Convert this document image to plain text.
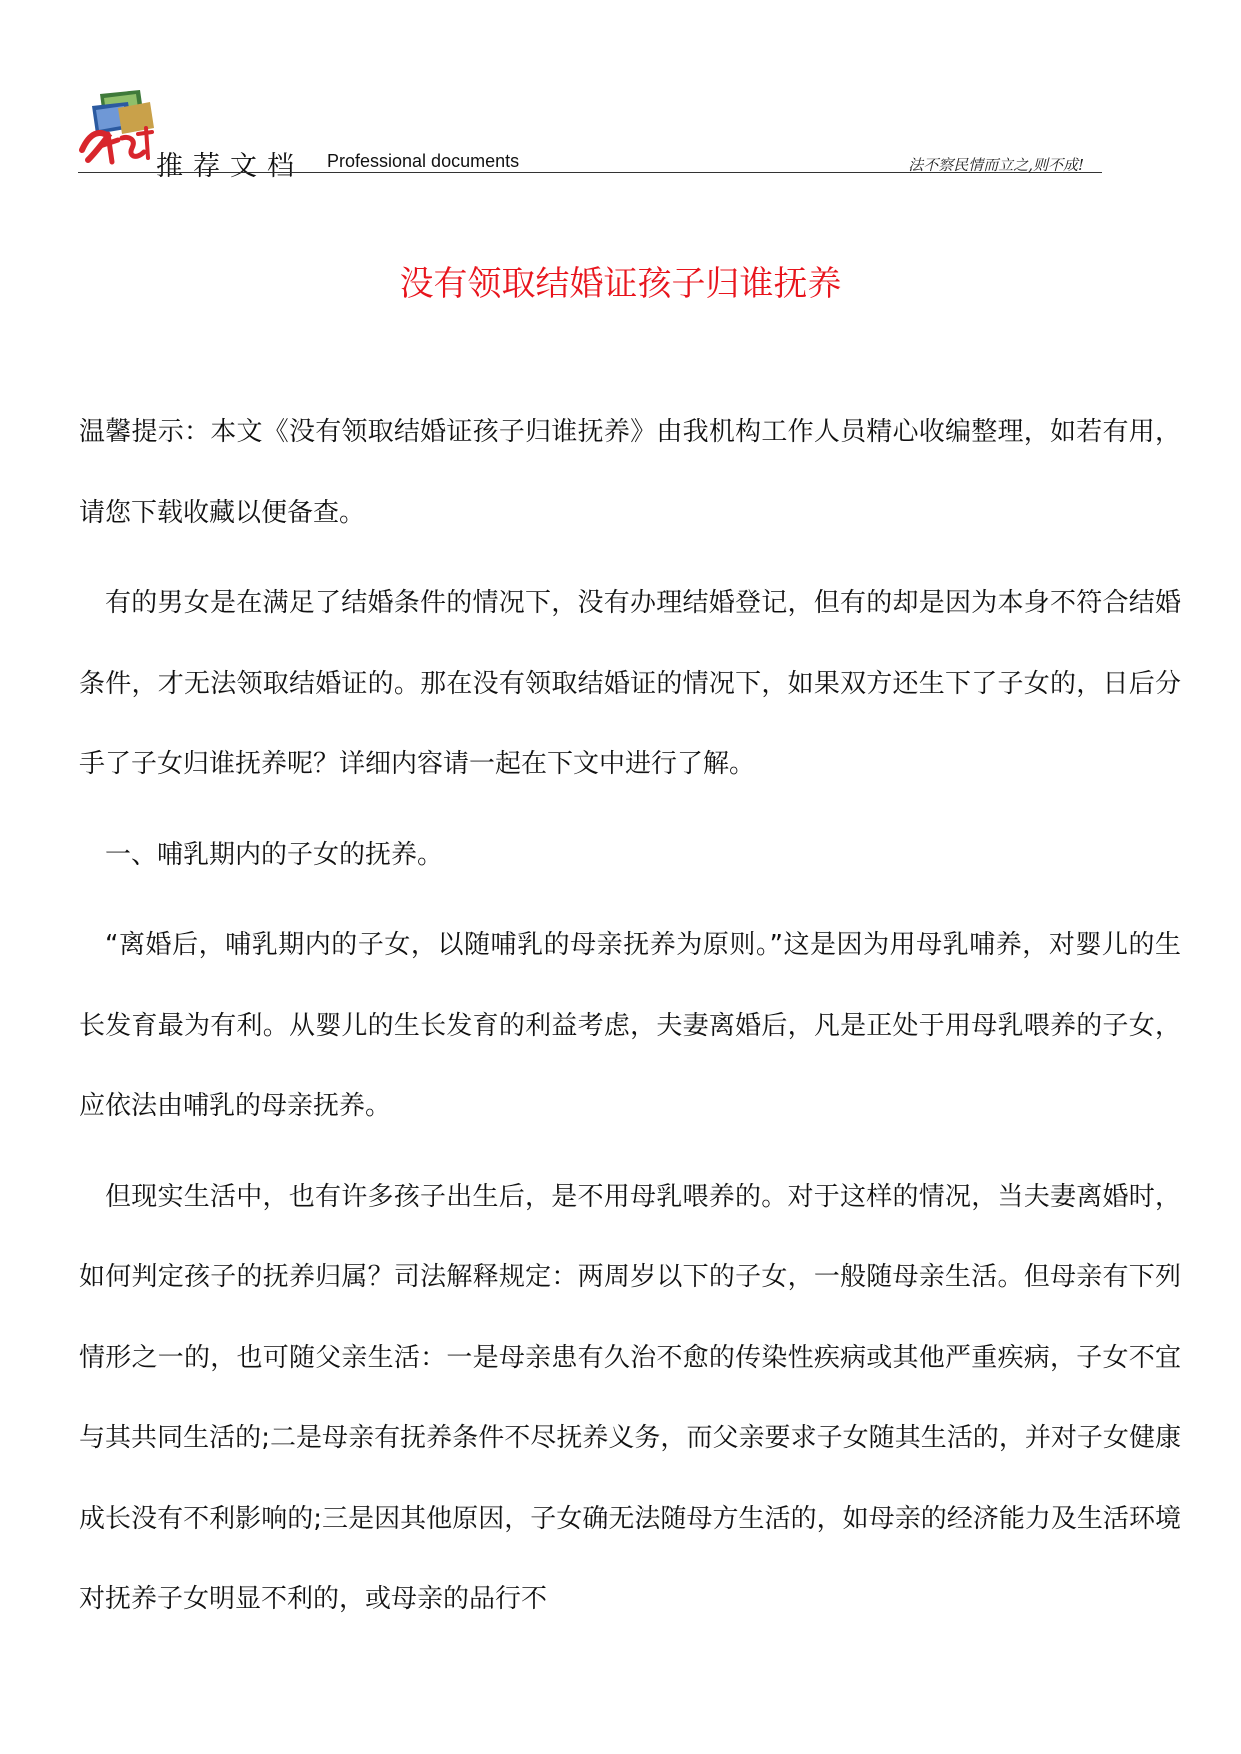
推荐文档 Professional documents	法不察民情而立之,则不成!
没有领取结婚证孩子归谁抚养

温馨提示：本文《没有领取结婚证孩子归谁抚养》由我机构工作人员精心收编整理，如若有用，请您下载收藏以便备查。

有的男女是在满足了结婚条件的情况下，没有办理结婚登记，但有的却是因为本身不符合结婚条件，才无法领取结婚证的。那在没有领取结婚证的情况下，如果双方还生下了子女的，日后分手了子女归谁抚养呢？详细内容请一起在下文中进行了解。

一、哺乳期内的子女的抚养。

“离婚后，哺乳期内的子女，以随哺乳的母亲抚养为原则。”这是因为用母乳哺养，对婴儿的生长发育最为有利。从婴儿的生长发育的利益考虑，夫妻离婚后，凡是正处于用母乳喂养的子女，应依法由哺乳的母亲抚养。

但现实生活中，也有许多孩子出生后，是不用母乳喂养的。对于这样的情况，当夫妻离婚时，如何判定孩子的抚养归属？司法解释规定：两周岁以下的子女，一般随母亲生活。但母亲有下列情形之一的，也可随父亲生活：一是母亲患有久治不愈的传染性疾病或其他严重疾病，子女不宜与其共同生活的;二是母亲有抚养条件不尽抚养义务，而父亲要求子女随其生活的，并对子女健康成长没有不利影响的;三是因其他原因，子女确无法随母方生活的，如母亲的经济能力及生活环境对抚养子女明显不利的，或母亲的品行不
